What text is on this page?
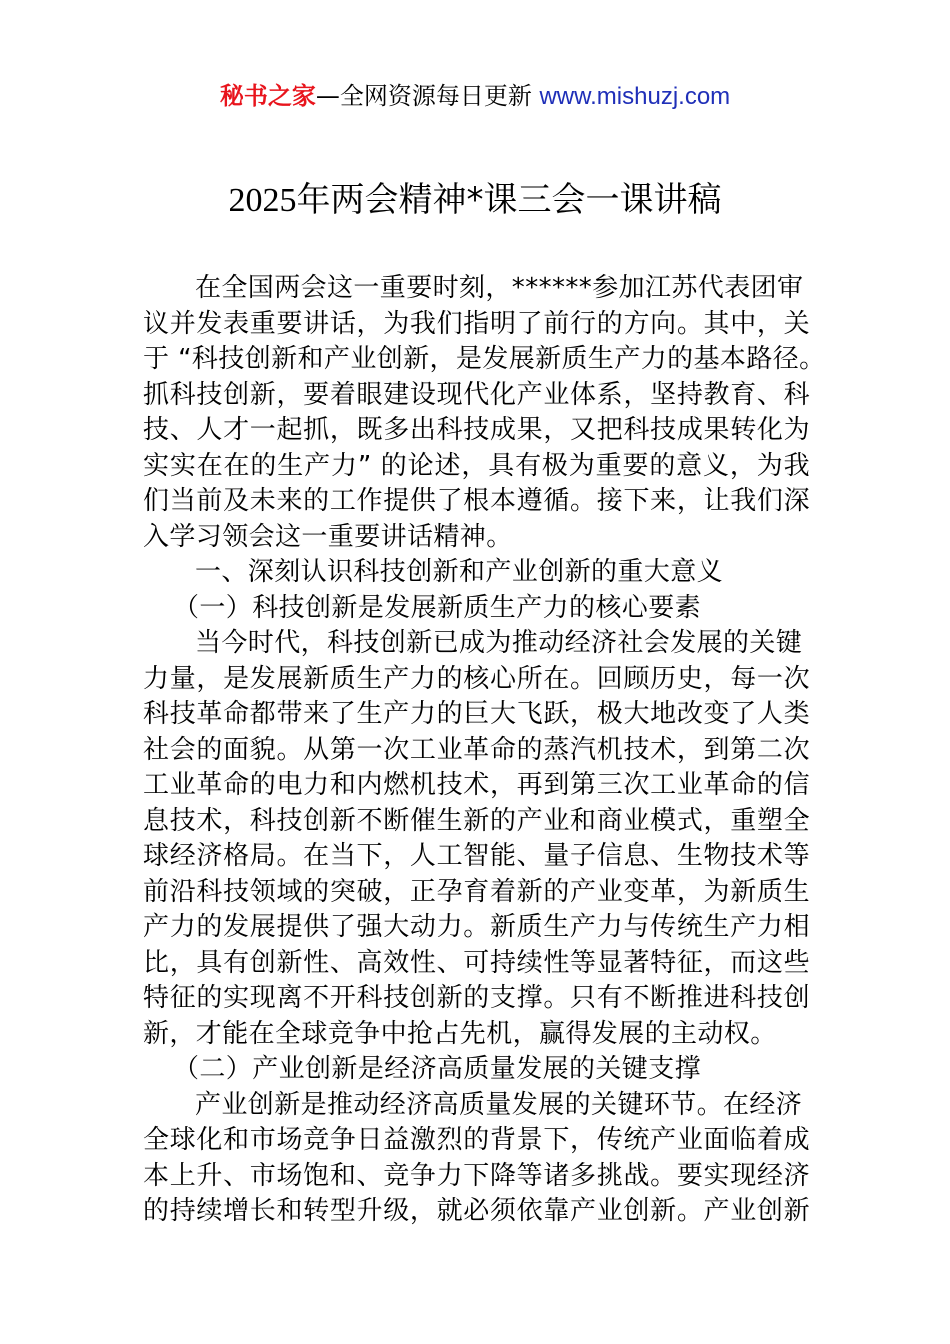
秘书之家—全网资源每日更新 www.mishuzj.com
2025年两会精神*课三会一课讲稿
在全国两会这一重要时刻，******参加江苏代表团审
议并发表重要讲话，为我们指明了前行的方向。其中，关
于 “科技创新和产业创新，是发展新质生产力的基本路径。
抓科技创新，要着眼建设现代化产业体系，坚持教育、科
技、人才一起抓，既多出科技成果，又把科技成果转化为
实实在在的生产力” 的论述，具有极为重要的意义，为我
们当前及未来的工作提供了根本遵循。接下来，让我们深
入学习领会这一重要讲话精神。
一、深刻认识科技创新和产业创新的重大意义
（一）科技创新是发展新质生产力的核心要素
当今时代，科技创新已成为推动经济社会发展的关键
力量，是发展新质生产力的核心所在。回顾历史，每一次
科技革命都带来了生产力的巨大飞跃，极大地改变了人类
社会的面貌。从第一次工业革命的蒸汽机技术，到第二次
工业革命的电力和内燃机技术，再到第三次工业革命的信
息技术，科技创新不断催生新的产业和商业模式，重塑全
球经济格局。在当下，人工智能、量子信息、生物技术等
前沿科技领域的突破，正孕育着新的产业变革，为新质生
产力的发展提供了强大动力。新质生产力与传统生产力相
比，具有创新性、高效性、可持续性等显著特征，而这些
特征的实现离不开科技创新的支撑。只有不断推进科技创
新，才能在全球竞争中抢占先机，赢得发展的主动权。
（二）产业创新是经济高质量发展的关键支撑
产业创新是推动经济高质量发展的关键环节。在经济
全球化和市场竞争日益激烈的背景下，传统产业面临着成
本上升、市场饱和、竞争力下降等诸多挑战。要实现经济
的持续增长和转型升级，就必须依靠产业创新。产业创新
